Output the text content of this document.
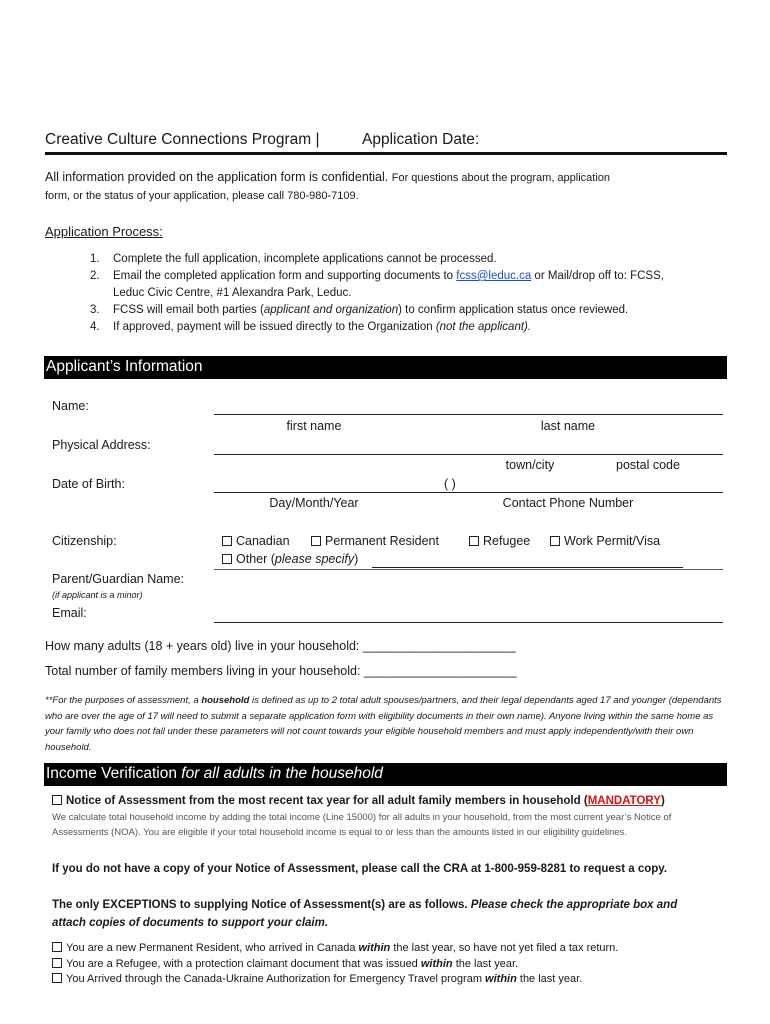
Creative Culture Connections Program |	Application Date:
All information provided on the application form is confidential. For questions about the program, application
form, or the status of your application, please call 780-980-7109.
Application Process:
1. Complete the full application, incomplete applications cannot be processed.
2. Email the completed application form and supporting documents to fcss@leduc.ca or Mail/drop off to: FCSS,
Leduc Civic Centre, #1 Alexandra Park, Leduc.
3. FCSS will email both parties (applicant and organization) to confirm application status once reviewed.
4. If approved, payment will be issued directly to the Organization (not the applicant).
Applicant’s Information
Name:
first name	last name
Physical Address:
town/city	postal code
Date of Birth:	( )
Day/Month/Year	Contact Phone Number
Citizenship:	Canadian	Permanent Resident	Refugee	Work Permit/Visa
Other (please specify)
Parent/Guardian Name:
(if applicant is a minor)
Email:
How many adults (18 + years old) live in your household: ______________________
Total number of family members living in your household: ______________________
**For the purposes of assessment, a household is defined as up to 2 total adult spouses/partners, and their legal dependants aged 17 and younger (dependants who are over the age of 17 will need to submit a separate application form with eligibility documents in their own name). Anyone living within the same home as your family who does not fall under these parameters will not count towards your eligible household members and must apply independently/with their own household.
Income Verification for all adults in the household
Notice of Assessment from the most recent tax year for all adult family members in household (MANDATORY)
We calculate total household income by adding the total income (Line 15000) for all adults in your household, from the most current year’s Notice of Assessments (NOA). You are eligible if your total household income is equal to or less than the amounts listed in our eligibility guidelines.
If you do not have a copy of your Notice of Assessment, please call the CRA at 1-800-959-8281 to request a copy.
The only EXCEPTIONS to supplying Notice of Assessment(s) are as follows. Please check the appropriate box and attach copies of documents to support your claim.
You are a new Permanent Resident, who arrived in Canada within the last year, so have not yet filed a tax return.
You are a Refugee, with a protection claimant document that was issued within the last year.
You Arrived through the Canada-Ukraine Authorization for Emergency Travel program within the last year.
